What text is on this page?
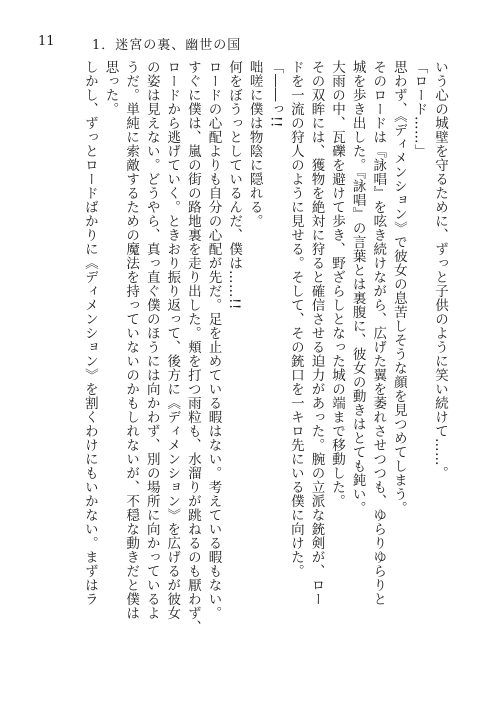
11	1．迷宮の裏、幽世の国
いう心の城壁を守るために、ずっと子供のように笑い続けて……。
「ロード……」
思わず、《ディメンション》で彼女の息苦しそうな顔を見つめてしまう。
そのロードは『詠唱』を呟き続けながら、広げた翼を萎れさせつつも、ゆらりゆらりと
城を歩き出した。『詠唱』の言葉とは裏腹に、彼女の動きはとても鈍い。
大雨の中、瓦礫を避けて歩き、野ざらしとなった城の端まで移動した。
その双眸には、獲物を絶対に狩ると確信させる迫力があった。腕の立派な銃剣が、ロー
ドを一流の狩人のように見せる。そして、その銃口を一キロ先にいる僕に向けた。
「――っ!!
咄嗟に僕は物陰に隠れる。
何をぼうっとしているんだ、僕は……!!
ロードの心配よりも自分の心配が先だ。足を止めている暇はない。考えている暇もない。
すぐに僕は、嵐の街の路地裏を走り出した。頬を打つ雨粒も、水溜りが跳ねるのも厭わず、
ロードから逃げていく。ときおり振り返って、後方に《ディメンション》を広げるが彼女
の姿は見えない。どうやら、真っ直ぐ僕のほうには向かわず、別の場所に向かっているよ
うだ。単純に索敵するための魔法を持っていないのかもしれないが、不穏な動きだと僕は
思った。
しかし、ずっとロードばかりに《ディメンション》を割くわけにもいかない。まずはラ
